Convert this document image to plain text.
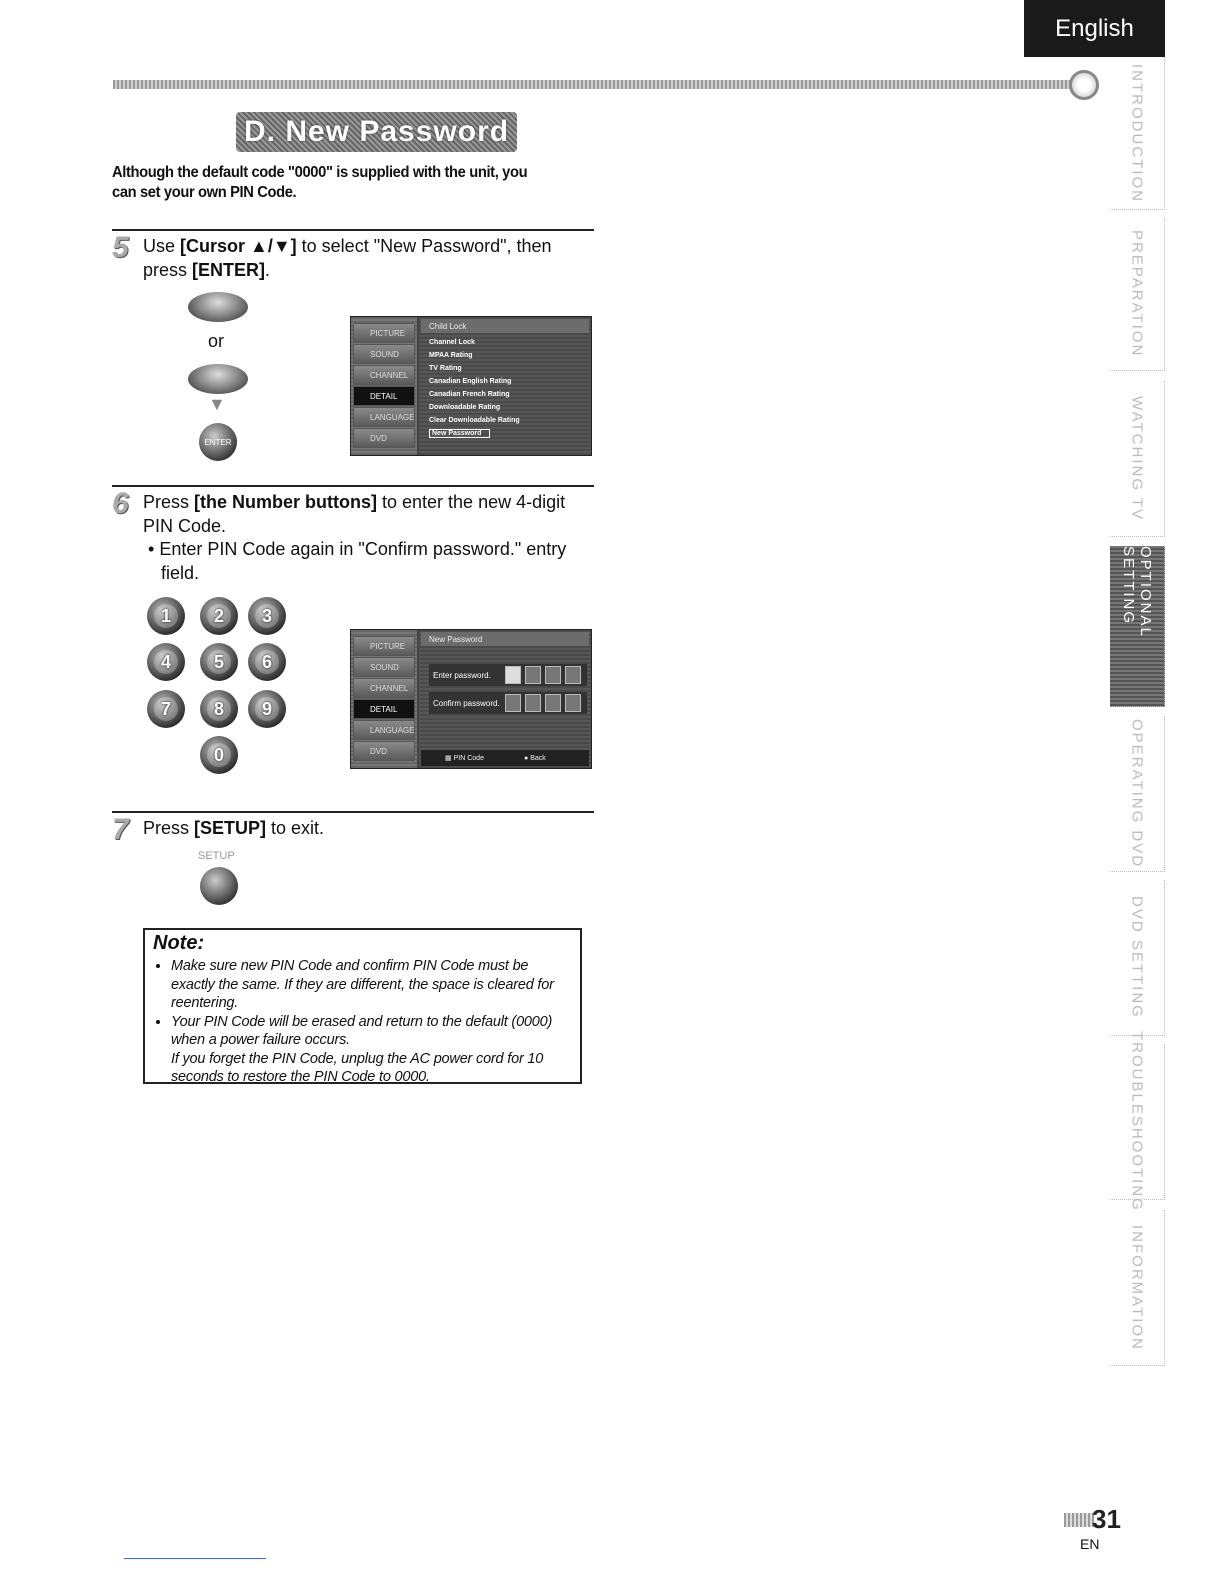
English
D. New Password
Although the default code "0000" is supplied with the unit, you can set your own PIN Code.
5 Use [Cursor ▲/▼] to select "New Password", then press [ENTER].
or
▼
ENTER
PICTURE
SOUND
CHANNEL
DETAIL
LANGUAGE
DVD
Child Lock
Channel Lock
MPAA Rating
TV Rating
Canadian English Rating
Canadian French Rating
Downloadable Rating
Clear Downloadable Rating
New Password
6 Press [the Number buttons] to enter the new 4-digit PIN Code.
• Enter PIN Code again in "Confirm password." entry field.
1	2	3
4	5	6
7	8	9
0
PICTURE
SOUND
CHANNEL
DETAIL
LANGUAGE
DVD
New Password
Enter password.
Confirm password.
▦ PIN Code	● Back
7 Press [SETUP] to exit.
SETUP
Note:
• Make sure new PIN Code and confirm PIN Code must be exactly the same. If they are different, the space is cleared for reentering.
• Your PIN Code will be erased and return to the default (0000) when a power failure occurs.
If you forget the PIN Code, unplug the AC power cord for 10 seconds to restore the PIN Code to 0000.
INTRODUCTION
PREPARATION
WATCHING TV
OPTIONAL SETTING
OPERATING DVD
DVD SETTING
TROUBLESHOOTING
INFORMATION
31
EN
